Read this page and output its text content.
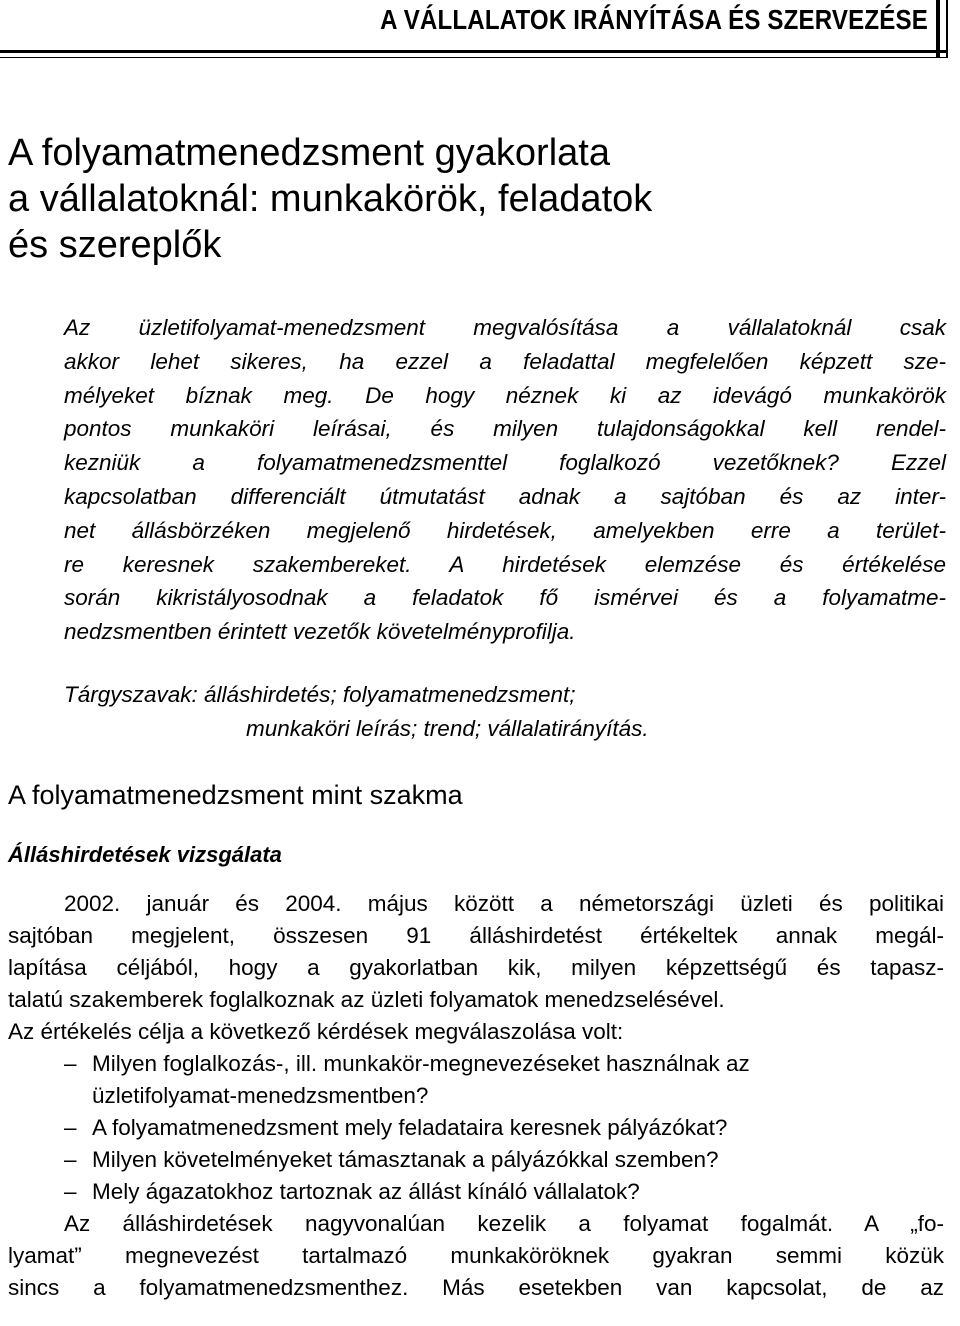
A VÁLLALATOK IRÁNYÍTÁSA ÉS SZERVEZÉSE
A folyamatmenedzsment gyakorlata
a vállalatoknál: munkakörök, feladatok
és szereplők

Az üzletifolyamat-menedzsment megvalósítása a vállalatoknál csak
akkor lehet sikeres, ha ezzel a feladattal megfelelően képzett sze-
mélyeket bíznak meg. De hogy néznek ki az idevágó munkakörök
pontos munkaköri leírásai, és milyen tulajdonságokkal kell rendel-
kezniük a folyamatmenedzsmenttel foglalkozó vezetőknek? Ezzel
kapcsolatban differenciált útmutatást adnak a sajtóban és az inter-
net állásbörzéken megjelenő hirdetések, amelyekben erre a terület-
re keresnek szakembereket. A hirdetések elemzése és értékelése
során kikristályosodnak a feladatok fő ismérvei és a folyamatme-
nedzsmentben érintett vezetők követelményprofilja.

Tárgyszavak: álláshirdetés; folyamatmenedzsment;
munkaköri leírás; trend; vállalatirányítás.
A folyamatmenedzsment mint szakma
Álláshirdetések vizsgálata
2002. január és 2004. május között a németországi üzleti és politikai
sajtóban megjelent, összesen 91 álláshirdetést értékeltek annak megál-
lapítása céljából, hogy a gyakorlatban kik, milyen képzettségű és tapasz-
talatú szakemberek foglalkoznak az üzleti folyamatok menedzselésével.
Az értékelés célja a következő kérdések megválaszolása volt:
– Milyen foglalkozás-, ill. munkakör-megnevezéseket használnak az
üzletifolyamat-menedzsmentben?
– A folyamatmenedzsment mely feladataira keresnek pályázókat?
– Milyen követelményeket támasztanak a pályázókkal szemben?
– Mely ágazatokhoz tartoznak az állást kínáló vállalatok?
Az álláshirdetések nagyvonalúan kezelik a folyamat fogalmát. A „fo-
lyamat” megnevezést tartalmazó munkaköröknek gyakran semmi közük
sincs a folyamatmenedzsmenthez. Más esetekben van kapcsolat, de az
